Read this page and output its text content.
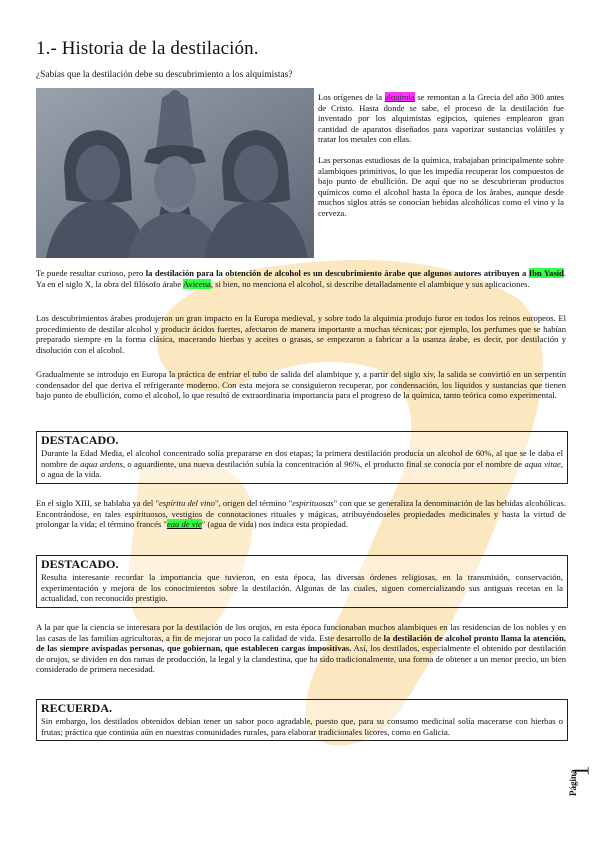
1.- Historia de la destilación.

¿Sabías que la destilación debe su descubrimiento a los alquimistas?

Los orígenes de la alquimia se remontan a la Grecia del año 300 antes de Cristo. Hasta donde se sabe, el proceso de la destilación fue inventado por los alquimistas egipcios, quienes emplearon gran cantidad de aparatos diseñados para vaporizar sustancias volátiles y tratar los metales con ellas.

Las personas estudiosas de la química, trabajaban principalmente sobre alambiques primitivos, lo que les impedía recuperar los compuestos de bajo punto de ebullición. De aquí que no se descubrieran productos químicos como el alcohol hasta la época de los árabes, aunque desde muchos siglos atrás se conocían bebidas alcohólicas como el vino y la cerveza.

Te puede resultar curioso, pero la destilación para la obtención de alcohol es un descubrimiento árabe que algunos autores atribuyen a Ibn Yasid. Ya en el siglo X, la obra del filósofo árabe Avicena, si bien, no menciona el alcohol, si describe detalladamente el alambique y sus aplicaciones.

Los descubrimientos árabes produjeron un gran impacto en la Europa medieval, y sobre todo la alquimia produjo furor en todos los reinos europeos. El procedimiento de destilar alcohol y producir ácidos fuertes, afectaron de manera importante a muchas técnicas; por ejemplo, los perfumes que se habían preparado siempre en la forma clásica, macerando hierbas y aceites o grasas, se empezaron a fabricar a la usanza árabe, es decir, por destilación y disolución con el alcohol.

Gradualmente se introdujo en Europa la práctica de enfriar el tubo de salida del alambique y, a partir del siglo xiv, la salida se convirtió en un serpentín condensador del que deriva el refrigerante moderno. Con esta mejora se consiguieron recuperar, por condensación, los líquidos y sustancias que tienen bajo punto de ebullición, como el alcohol, lo que resultó de extraordinaria importancia para el progreso de la química, tanto teórica como experimental.

DESTACADO.

Durante la Edad Media, el alcohol concentrado solía prepararse en dos etapas; la primera destilación producía un alcohol de 60%, al que se le daba el nombre de aqua ardens, o aguardiente, una nueva destilación subía la concentración al 96%, el producto final se conocía por el nombre de aqua vitae, o agua de la vida.

En el siglo XIII, se hablaba ya del "espíritu del vino", origen del término "espirituosas" con que se generaliza la denominación de las bebidas alcohólicas. Encontrándose, en tales espirituosos, vestigios de connotaciones rituales y mágicas, atribuyéndoseles propiedades medicinales y hasta la virtud de prolongar la vida; el término francés "eau de vie" (agua de vida) nos indica esta propiedad.

DESTACADO.

Resulta interesante recordar la importancia que tuvieron, en esta época, las diversas órdenes religiosas, en la transmisión, conservación, experimentación y mejora de los conocimientos sobre la destilación. Algunas de las cuales, siguen comercializando sus antiguas recetas en la actualidad, con reconocido prestigio.

A la par que la ciencia se interesara por la destilación de los orujos, en esta época funcionaban muchos alambiques en las residencias de los nobles y en las casas de las familias agricultoras, a fin de mejorar un poco la calidad de vida. Este desarrollo de la destilación de alcohol pronto llama la atención, de las siempre avispadas personas, que gobiernan, que establecen cargas impositivas. Así, los destilados, especialmente el obtenido por destilación de orujos, se dividen en dos ramas de producción, la legal y la clandestina, que ha sido tradicionalmente, una forma de obtener a un menor precio, un bien considerado de primera necesidad.

RECUERDA.

Sin embargo, los destilados obtenidos debían tener un sabor poco agradable, puesto que, para su consumo medicinal solía macerarse con hierbas o frutas; práctica que continúa aún en nuestras comunidades rurales, para elaborar tradicionales licores, como en Galicia.

1
Página
